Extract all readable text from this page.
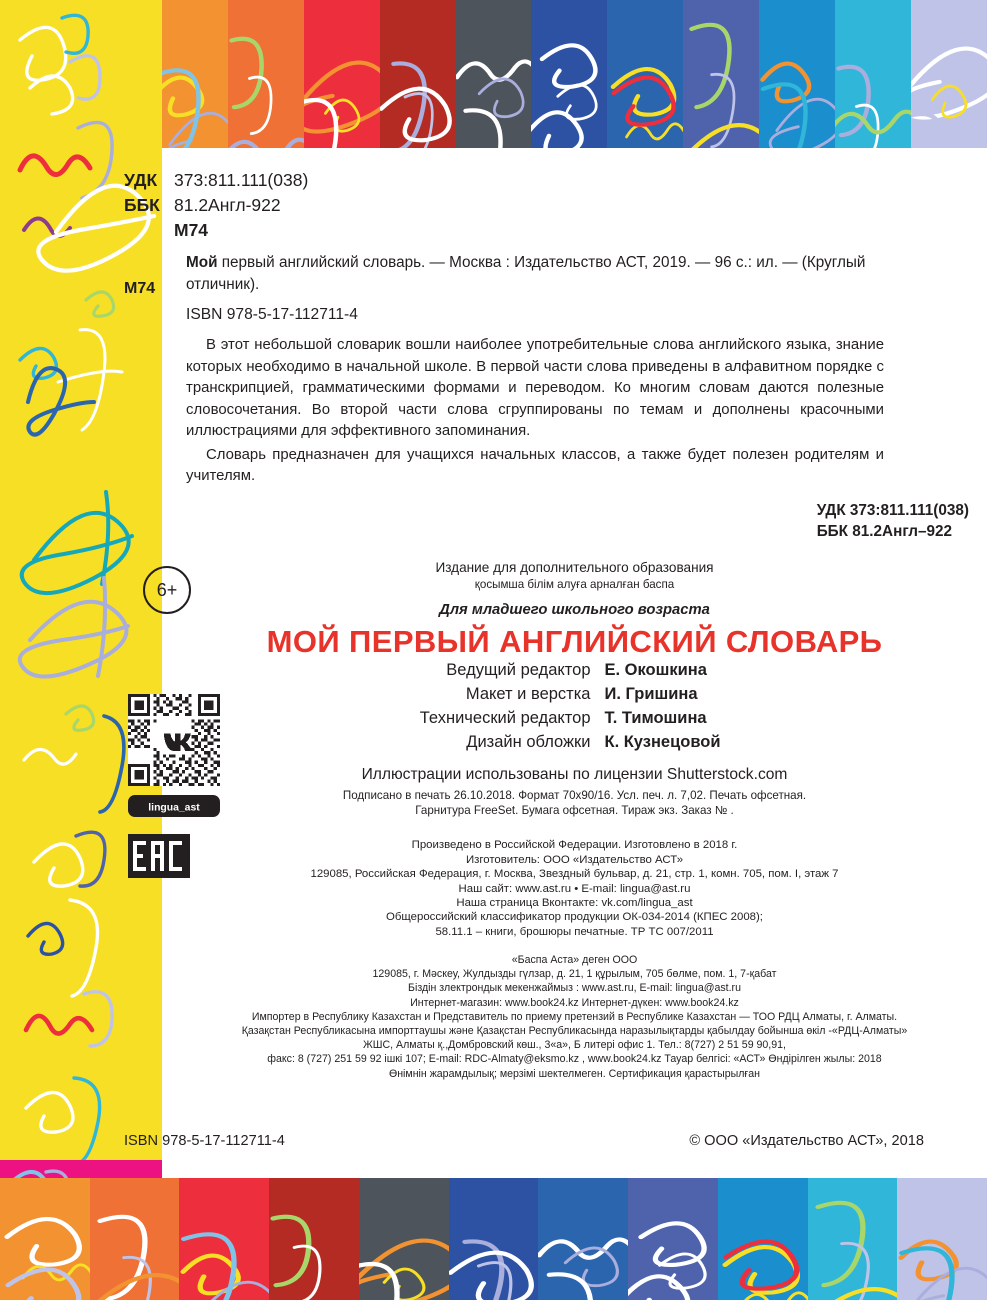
УДК 373:811.111(038)
ББК 81.2Англ-922
М74
М74
Мой первый английский словарь. — Москва : Издательство АСТ, 2019. — 96 с.: ил. — (Круглый отличник).
ISBN 978-5-17-112711-4

В этот небольшой словарик вошли наиболее употребительные слова английского языка, знание которых необходимо в начальной школе. В первой части слова приведены в алфавитном порядке с транскрипцией, грамматическими формами и переводом. Ко многим словам даются полезные словосочетания. Во второй части слова сгруппированы по темам и дополнены красочными иллюстрациями для эффективного запоминания.

Словарь предназначен для учащихся начальных классов, а также будет полезен родителям и учителям.

УДК 373:811.111(038)
ББК 81.2Англ–922
6+
Издание для дополнительного образования
қосымша білім алуға арналған баспа
Для младшего школьного возраста
МОЙ ПЕРВЫЙ АНГЛИЙСКИЙ СЛОВАРЬ
Ведущий редактор Е. Окошкина
Макет и верстка И. Гришина
Технический редактор Т. Тимошина
Дизайн обложки К. Кузнецовой
Иллюстрации использованы по лицензии Shutterstock.com
Подписано в печать 26.10.2018. Формат 70x90/16. Усл. печ. л. 7,02. Печать офсетная.
Гарнитура FreeSet. Бумага офсетная. Тираж экз. Заказ № .
Произведено в Российской Федерации. Изготовлено в 2018 г.
Изготовитель: ООО «Издательство АСТ»
129085, Российская Федерация, г. Москва, Звездный бульвар, д. 21, стр. 1, комн. 705, пом. I, этаж 7
Наш сайт: www.ast.ru • E-mail: lingua@ast.ru
Наша страница Вконтакте: vk.com/lingua_ast
Общероссийский классификатор продукции ОК-034-2014 (КПЕС 2008);
58.11.1 – книги, брошюры печатные. ТР ТС 007/2011
«Баспа Аста» деген ООО
129085, г. Мәскеу, Жулдызды гүлзар, д. 21, 1 құрылым, 705 бөлме, пом. 1, 7-қабат
Біздін злектрондык мекенжаймыз : www.ast.ru, E-mail: lingua@ast.ru
Интернет-магазин: www.book24.kz Интернет-дүкен: www.book24.kz
Импортер в Республику Казахстан и Представитель по приему претензий в Республике Казахстан — ТОО РДЦ Алматы, г. Алматы.
Қазақстан Республикасына импорттаушы және Қазақстан Республикасында наразылықтарды қабылдау бойынша өкіл -«РДЦ-Алматы»
ЖШС, Алматы қ.,Домбровский көш., 3«а», Б литері офис 1. Тел.: 8(727) 2 51 59 90,91,
факс: 8 (727) 251 59 92 ішкі 107; E-mail: RDC-Almaty@eksmo.kz , www.book24.kz Тауар белгісі: «АСТ» Өндірілген жылы: 2018
Өнімнін жарамдылық; мерзімі шектелмеген. Сертификация қарастырылған
ISBN 978-5-17-112711-4	© ООО «Издательство АСТ», 2018

lingua_ast
